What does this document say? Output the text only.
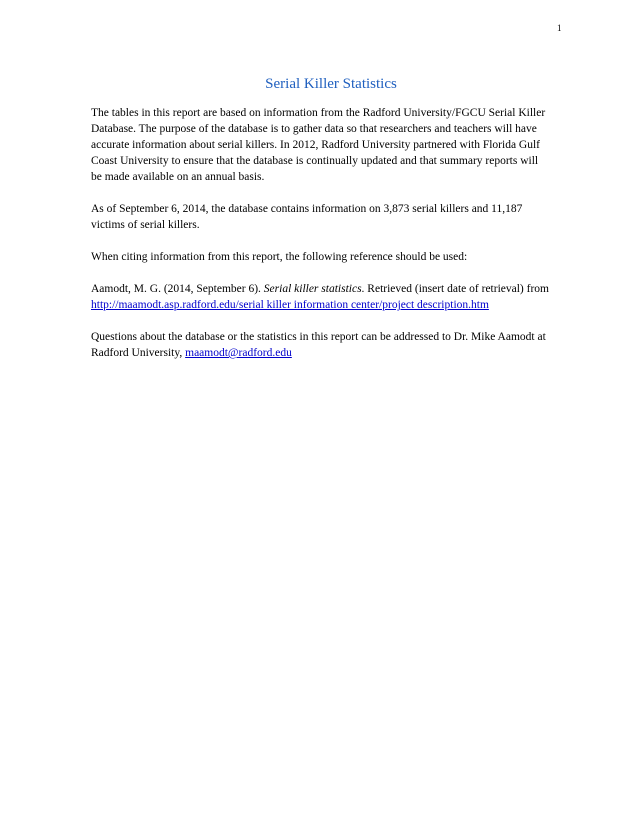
1
Serial Killer Statistics

The tables in this report are based on information from the Radford University/FGCU Serial Killer Database. The purpose of the database is to gather data so that researchers and teachers will have accurate information about serial killers. In 2012, Radford University partnered with Florida Gulf Coast University to ensure that the database is continually updated and that summary reports will be made available on an annual basis.

As of September 6, 2014, the database contains information on 3,873 serial killers and 11,187 victims of serial killers.

When citing information from this report, the following reference should be used:

Aamodt, M. G. (2014, September 6). Serial killer statistics. Retrieved (insert date of retrieval) from http://maamodt.asp.radford.edu/serial killer information center/project description.htm

Questions about the database or the statistics in this report can be addressed to Dr. Mike Aamodt at Radford University, maamodt@radford.edu
